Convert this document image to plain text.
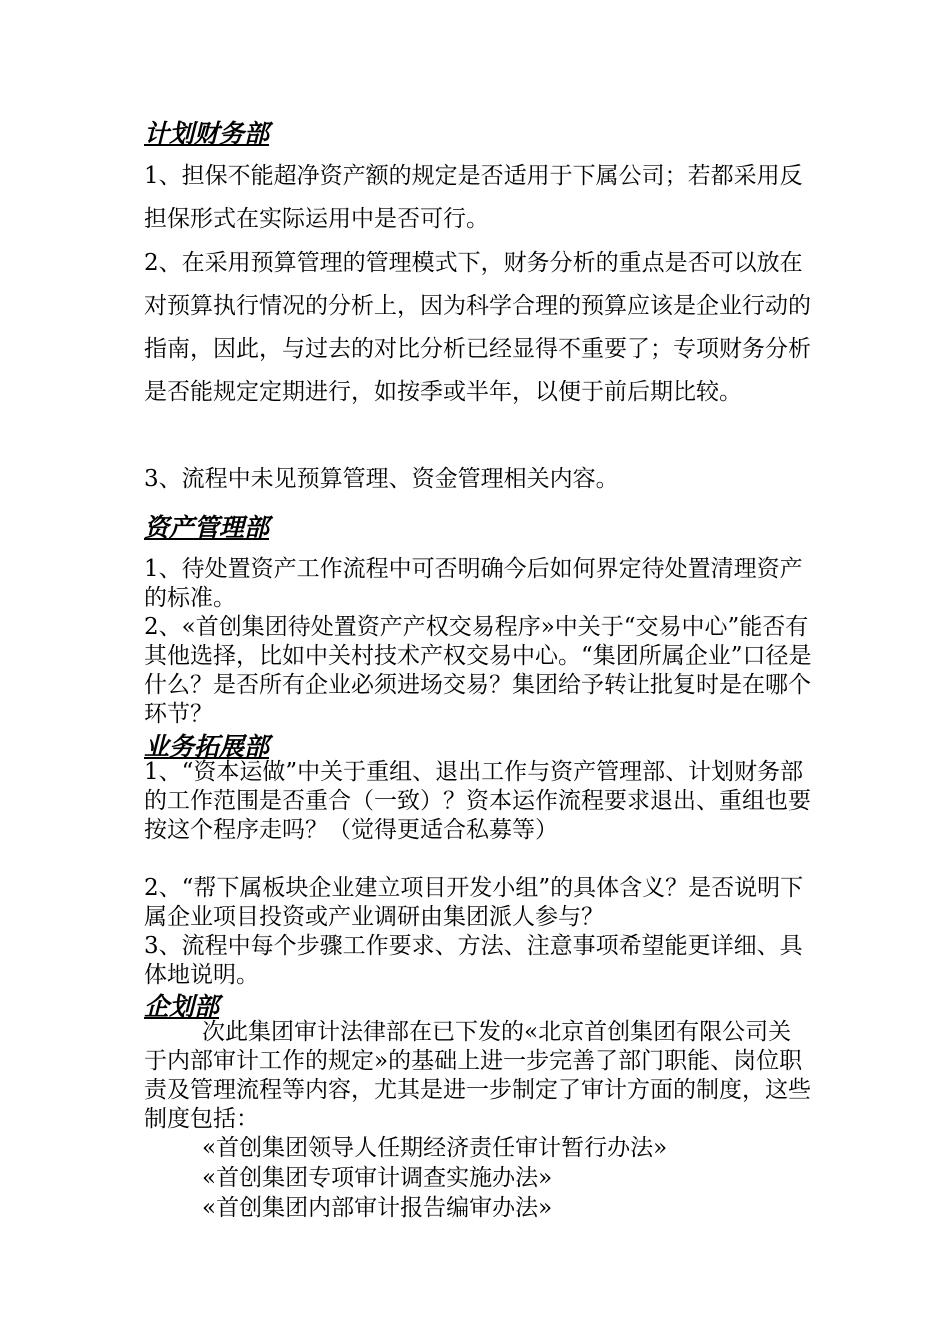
计划财务部

1、担保不能超净资产额的规定是否适用于下属公司；若都采用反担保形式在实际运用中是否可行。

2、在采用预算管理的管理模式下，财务分析的重点是否可以放在对预算执行情况的分析上，因为科学合理的预算应该是企业行动的指南，因此，与过去的对比分析已经显得不重要了；专项财务分析是否能规定定期进行，如按季或半年，以便于前后期比较。

3、流程中未见预算管理、资金管理相关内容。

资产管理部

1、待处置资产工作流程中可否明确今后如何界定待处置清理资产的标准。

2、«首创集团待处置资产产权交易程序»中关于“交易中心”能否有其他选择，比如中关村技术产权交易中心。“集团所属企业”口径是什么？是否所有企业必须进场交易？集团给予转让批复时是在哪个环节？

业务拓展部

1、“资本运做”中关于重组、退出工作与资产管理部、计划财务部的工作范围是否重合（一致）？资本运作流程要求退出、重组也要按这个程序走吗？（觉得更适合私募等）

2、“帮下属板块企业建立项目开发小组”的具体含义？是否说明下属企业项目投资或产业调研由集团派人参与？

3、流程中每个步骤工作要求、方法、注意事项希望能更详细、具体地说明。

企划部

次此集团审计法律部在已下发的«北京首创集团有限公司关于内部审计工作的规定»的基础上进一步完善了部门职能、岗位职责及管理流程等内容，尤其是进一步制定了审计方面的制度，这些制度包括：

«首创集团领导人任期经济责任审计暂行办法»

«首创集团专项审计调查实施办法»

«首创集团内部审计报告编审办法»
